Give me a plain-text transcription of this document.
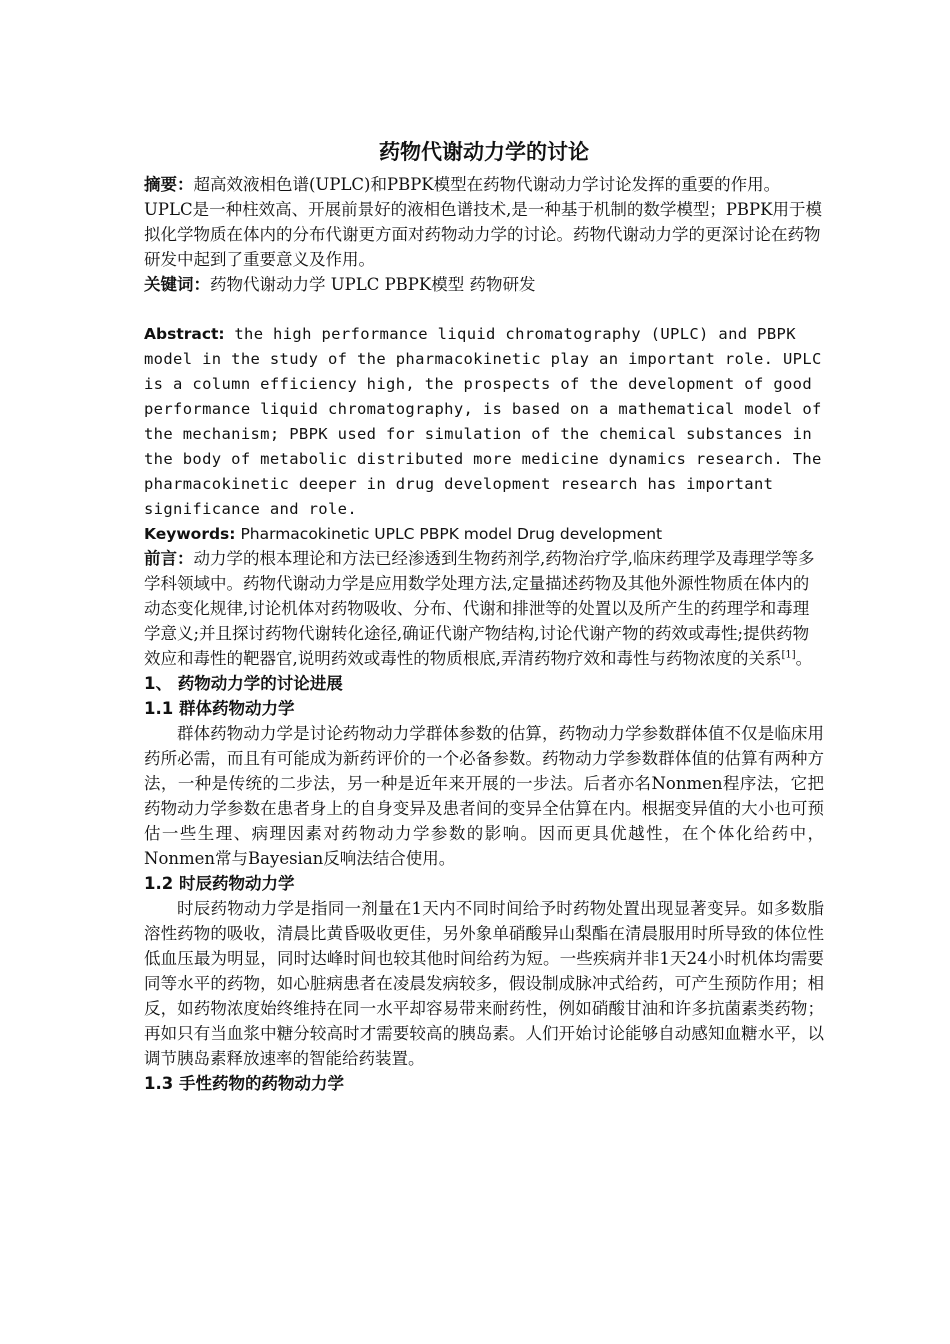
药物代谢动力学的讨论

摘要：超高效液相色谱(UPLC)和PBPK模型在药物代谢动力学讨论发挥的重要的作用。UPLC是一种柱效高、开展前景好的液相色谱技术,是一种基于机制的数学模型；PBPK用于模拟化学物质在体内的分布代谢更方面对药物动力学的讨论。药物代谢动力学的更深讨论在药物研发中起到了重要意义及作用。

关键词：药物代谢动力学 UPLC PBPK模型 药物研发

Abstract: the high performance liquid chromatography (UPLC) and PBPK model in the study of the pharmacokinetic play an important role. UPLC is a column efficiency high, the prospects of the development of good performance liquid chromatography, is based on a mathematical model of the mechanism; PBPK used for simulation of the chemical substances in the body of metabolic distributed more medicine dynamics research. The pharmacokinetic deeper in drug development research has important significance and role.

Keywords: Pharmacokinetic UPLC PBPK model Drug development

前言：动力学的根本理论和方法已经渗透到生物药剂学,药物治疗学,临床药理学及毒理学等多学科领域中。药物代谢动力学是应用数学处理方法,定量描述药物及其他外源性物质在体内的动态变化规律,讨论机体对药物吸收、分布、代谢和排泄等的处置以及所产生的药理学和毒理学意义;并且探讨药物代谢转化途径,确证代谢产物结构,讨论代谢产物的药效或毒性;提供药物效应和毒性的靶器官,说明药效或毒性的物质根底,弄清药物疗效和毒性与药物浓度的关系[1]。

1、 药物动力学的讨论进展

1.1 群体药物动力学

群体药物动力学是讨论药物动力学群体参数的估算，药物动力学参数群体值不仅是临床用药所必需，而且有可能成为新药评价的一个必备参数。药物动力学参数群体值的估算有两种方法，一种是传统的二步法，另一种是近年来开展的一步法。后者亦名Nonmen程序法，它把药物动力学参数在患者身上的自身变异及患者间的变异全估算在内。根据变异值的大小也可预估一些生理、病理因素对药物动力学参数的影响。因而更具优越性，在个体化给药中，Nonmen常与Bayesian反响法结合使用。

1.2 时辰药物动力学

时辰药物动力学是指同一剂量在1天内不同时间给予时药物处置出现显著变异。如多数脂溶性药物的吸收，清晨比黄昏吸收更佳，另外象单硝酸异山梨酯在清晨服用时所导致的体位性低血压最为明显，同时达峰时间也较其他时间给药为短。一些疾病并非1天24小时机体均需要同等水平的药物，如心脏病患者在凌晨发病较多，假设制成脉冲式给药，可产生预防作用；相反，如药物浓度始终维持在同一水平却容易带来耐药性，例如硝酸甘油和许多抗菌素类药物；再如只有当血浆中糖分较高时才需要较高的胰岛素。人们开始讨论能够自动感知血糖水平，以调节胰岛素释放速率的智能给药装置。

1.3 手性药物的药物动力学
